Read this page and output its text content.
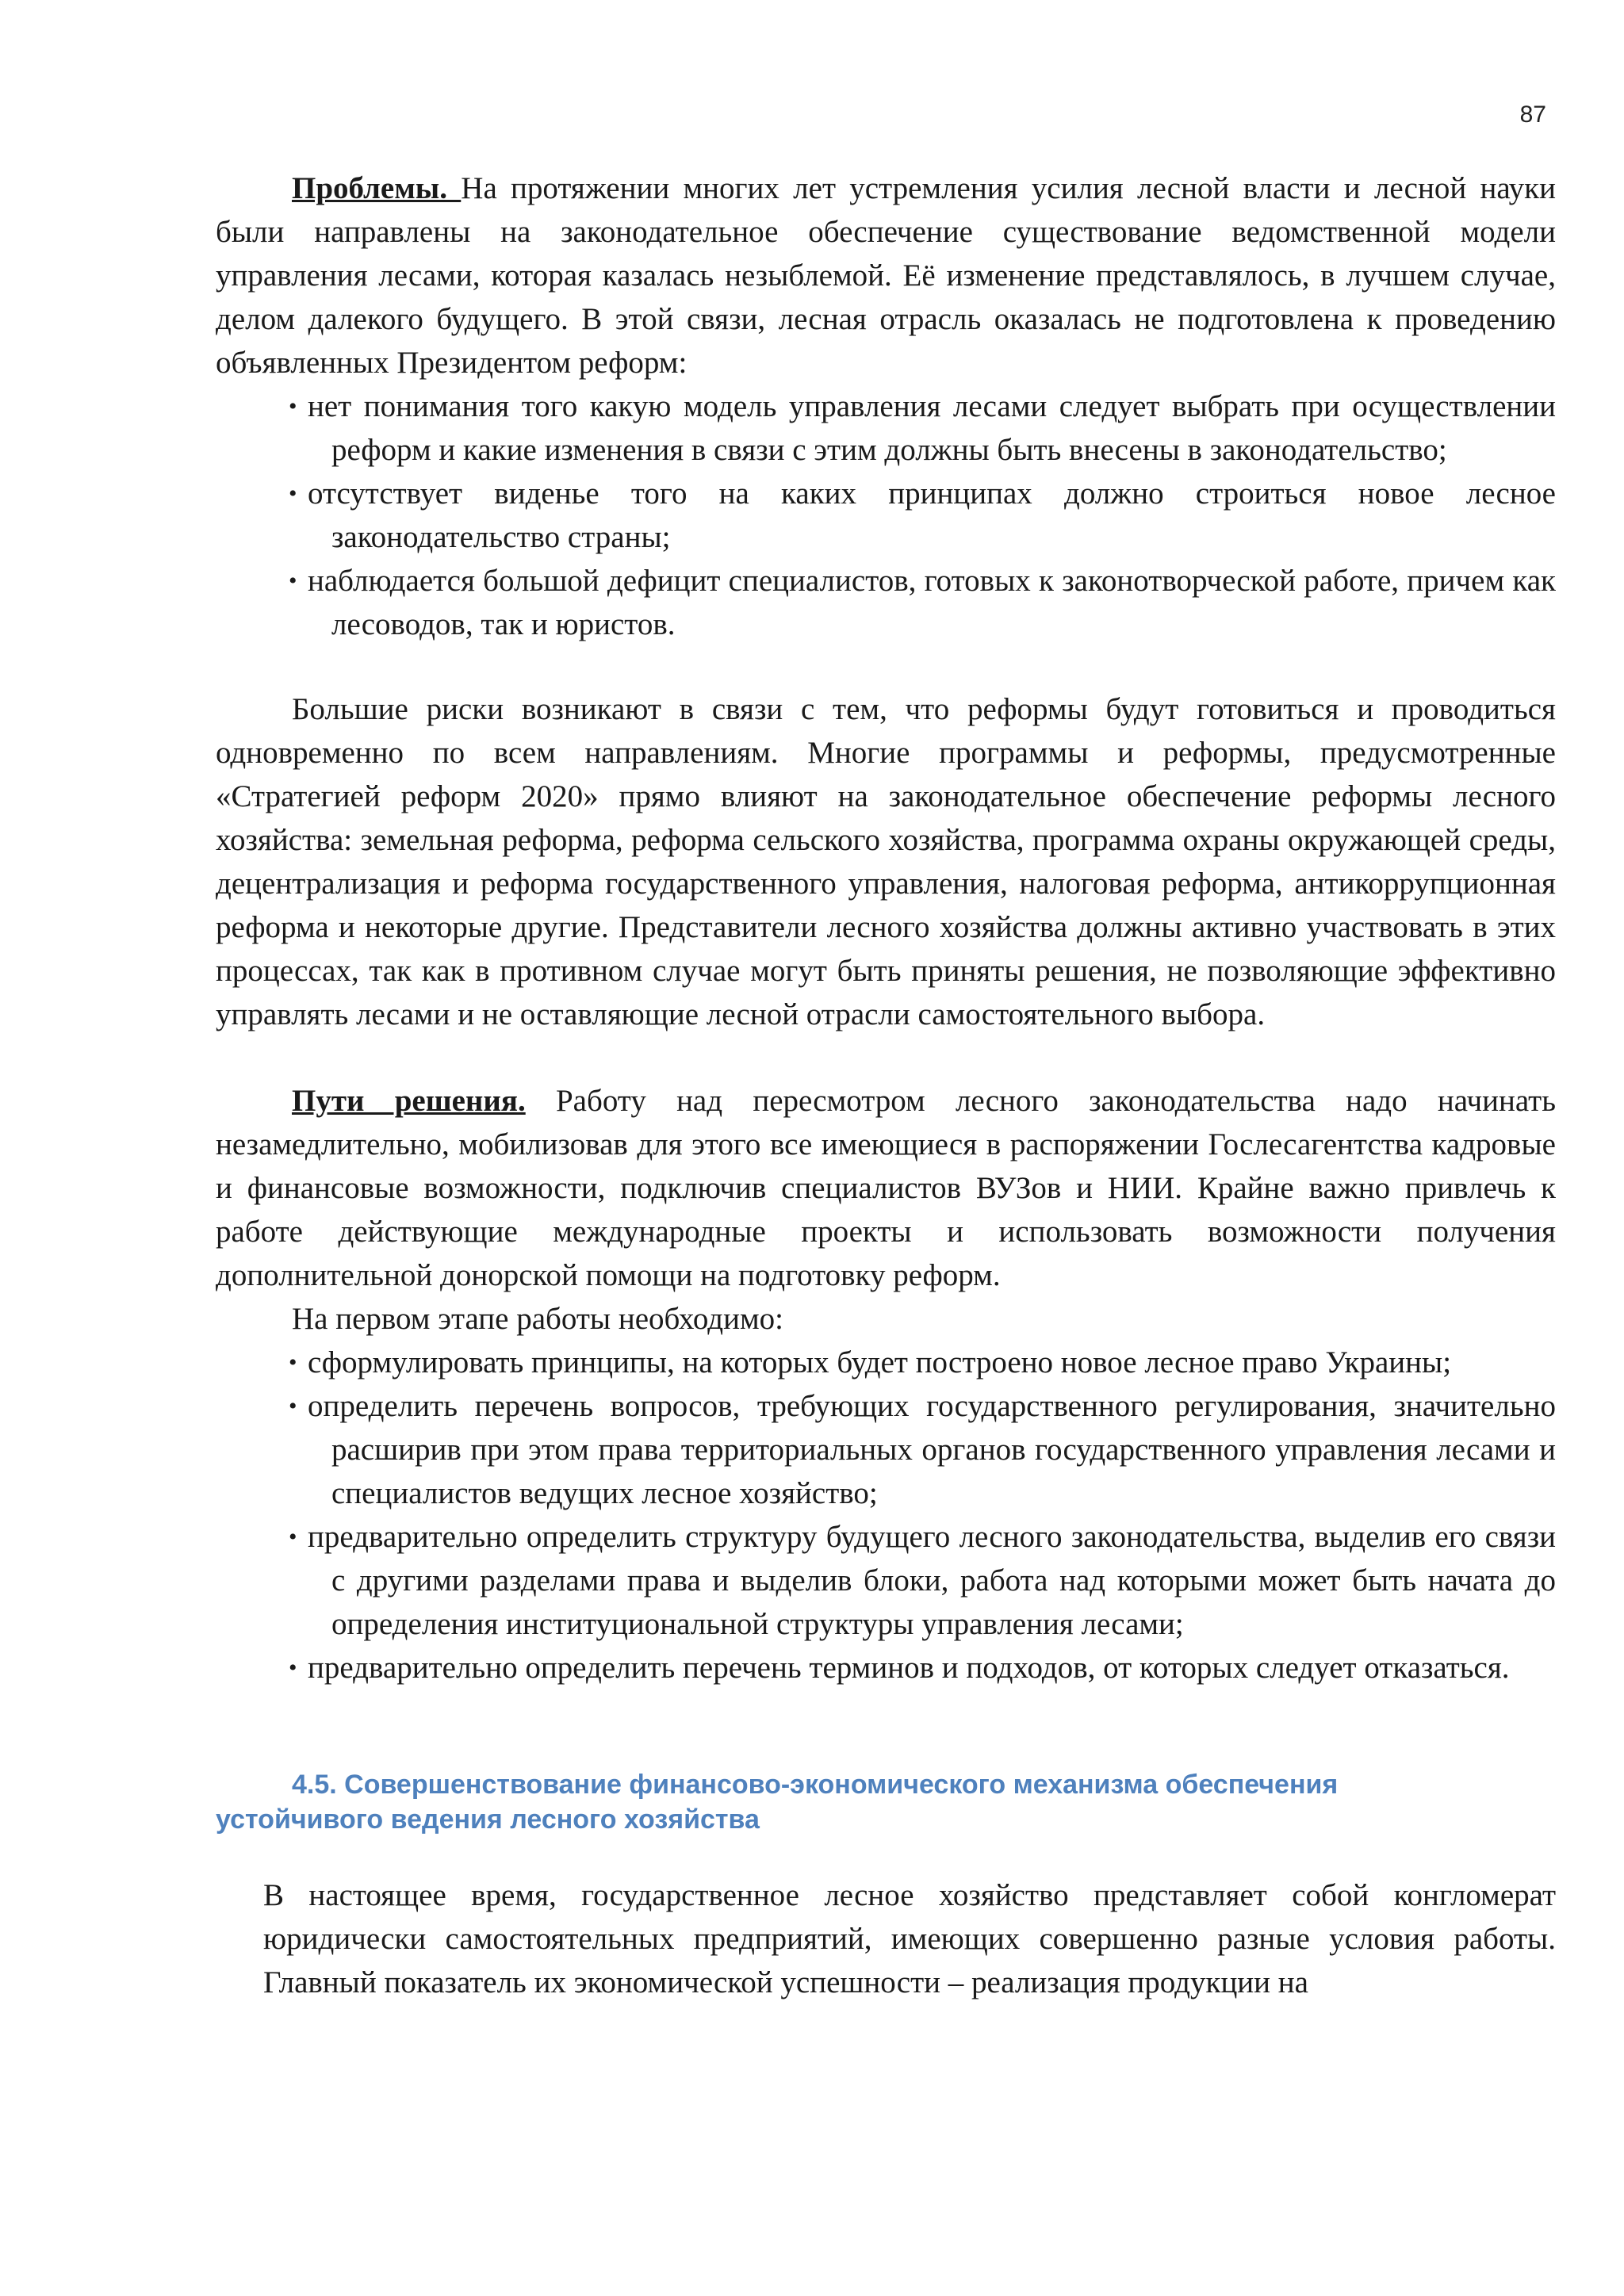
87

Проблемы. На протяжении многих лет устремления усилия лесной власти и лесной науки были направлены на законодательное обеспечение существование ведомственной модели управления лесами, которая казалась незыблемой. Её изменение представлялось, в лучшем случае, делом далекого будущего. В этой связи, лесная отрасль оказалась не подготовлена к проведению объявленных Президентом реформ:

• нет понимания того какую модель управления лесами следует выбрать при осуществлении реформ и какие изменения в связи с этим должны быть внесены в законодательство;
• отсутствует виденье того на каких принципах должно строиться новое лесное законодательство страны;
• наблюдается большой дефицит специалистов, готовых к законотворческой работе, причем как лесоводов, так и юристов.

Большие риски возникают в связи с тем, что реформы будут готовиться и проводиться одновременно по всем направлениям. Многие программы и реформы, предусмотренные «Стратегией реформ 2020» прямо влияют на законодательное обеспечение реформы лесного хозяйства: земельная реформа, реформа сельского хозяйства, программа охраны окружающей среды, децентрализация и реформа государственного управления, налоговая реформа, антикоррупционная реформа и некоторые другие. Представители лесного хозяйства должны активно участвовать в этих процессах, так как в противном случае могут быть приняты решения, не позволяющие эффективно управлять лесами и не оставляющие лесной отрасли самостоятельного выбора.

Пути решения. Работу над пересмотром лесного законодательства надо начинать незамедлительно, мобилизовав для этого все имеющиеся в распоряжении Гослесагентства кадровые и финансовые возможности, подключив специалистов ВУЗов и НИИ. Крайне важно привлечь к работе действующие международные проекты и использовать возможности получения дополнительной донорской помощи на подготовку реформ.

На первом этапе работы необходимо:

• сформулировать принципы, на которых будет построено новое лесное право Украины;
• определить перечень вопросов, требующих государственного регулирования, значительно расширив при этом права территориальных органов государственного управления лесами и специалистов ведущих лесное хозяйство;
• предварительно определить структуру будущего лесного законодательства, выделив его связи с другими разделами права и выделив блоки, работа над которыми может быть начата до определения институциональной структуры управления лесами;
• предварительно определить перечень терминов и подходов, от которых следует отказаться.
4.5. Совершенствование финансово-экономического механизма обеспечения устойчивого ведения лесного хозяйства

В настоящее время, государственное лесное хозяйство представляет собой конгломерат юридически самостоятельных предприятий, имеющих совершенно разные условия работы. Главный показатель их экономической успешности – реализация продукции на
